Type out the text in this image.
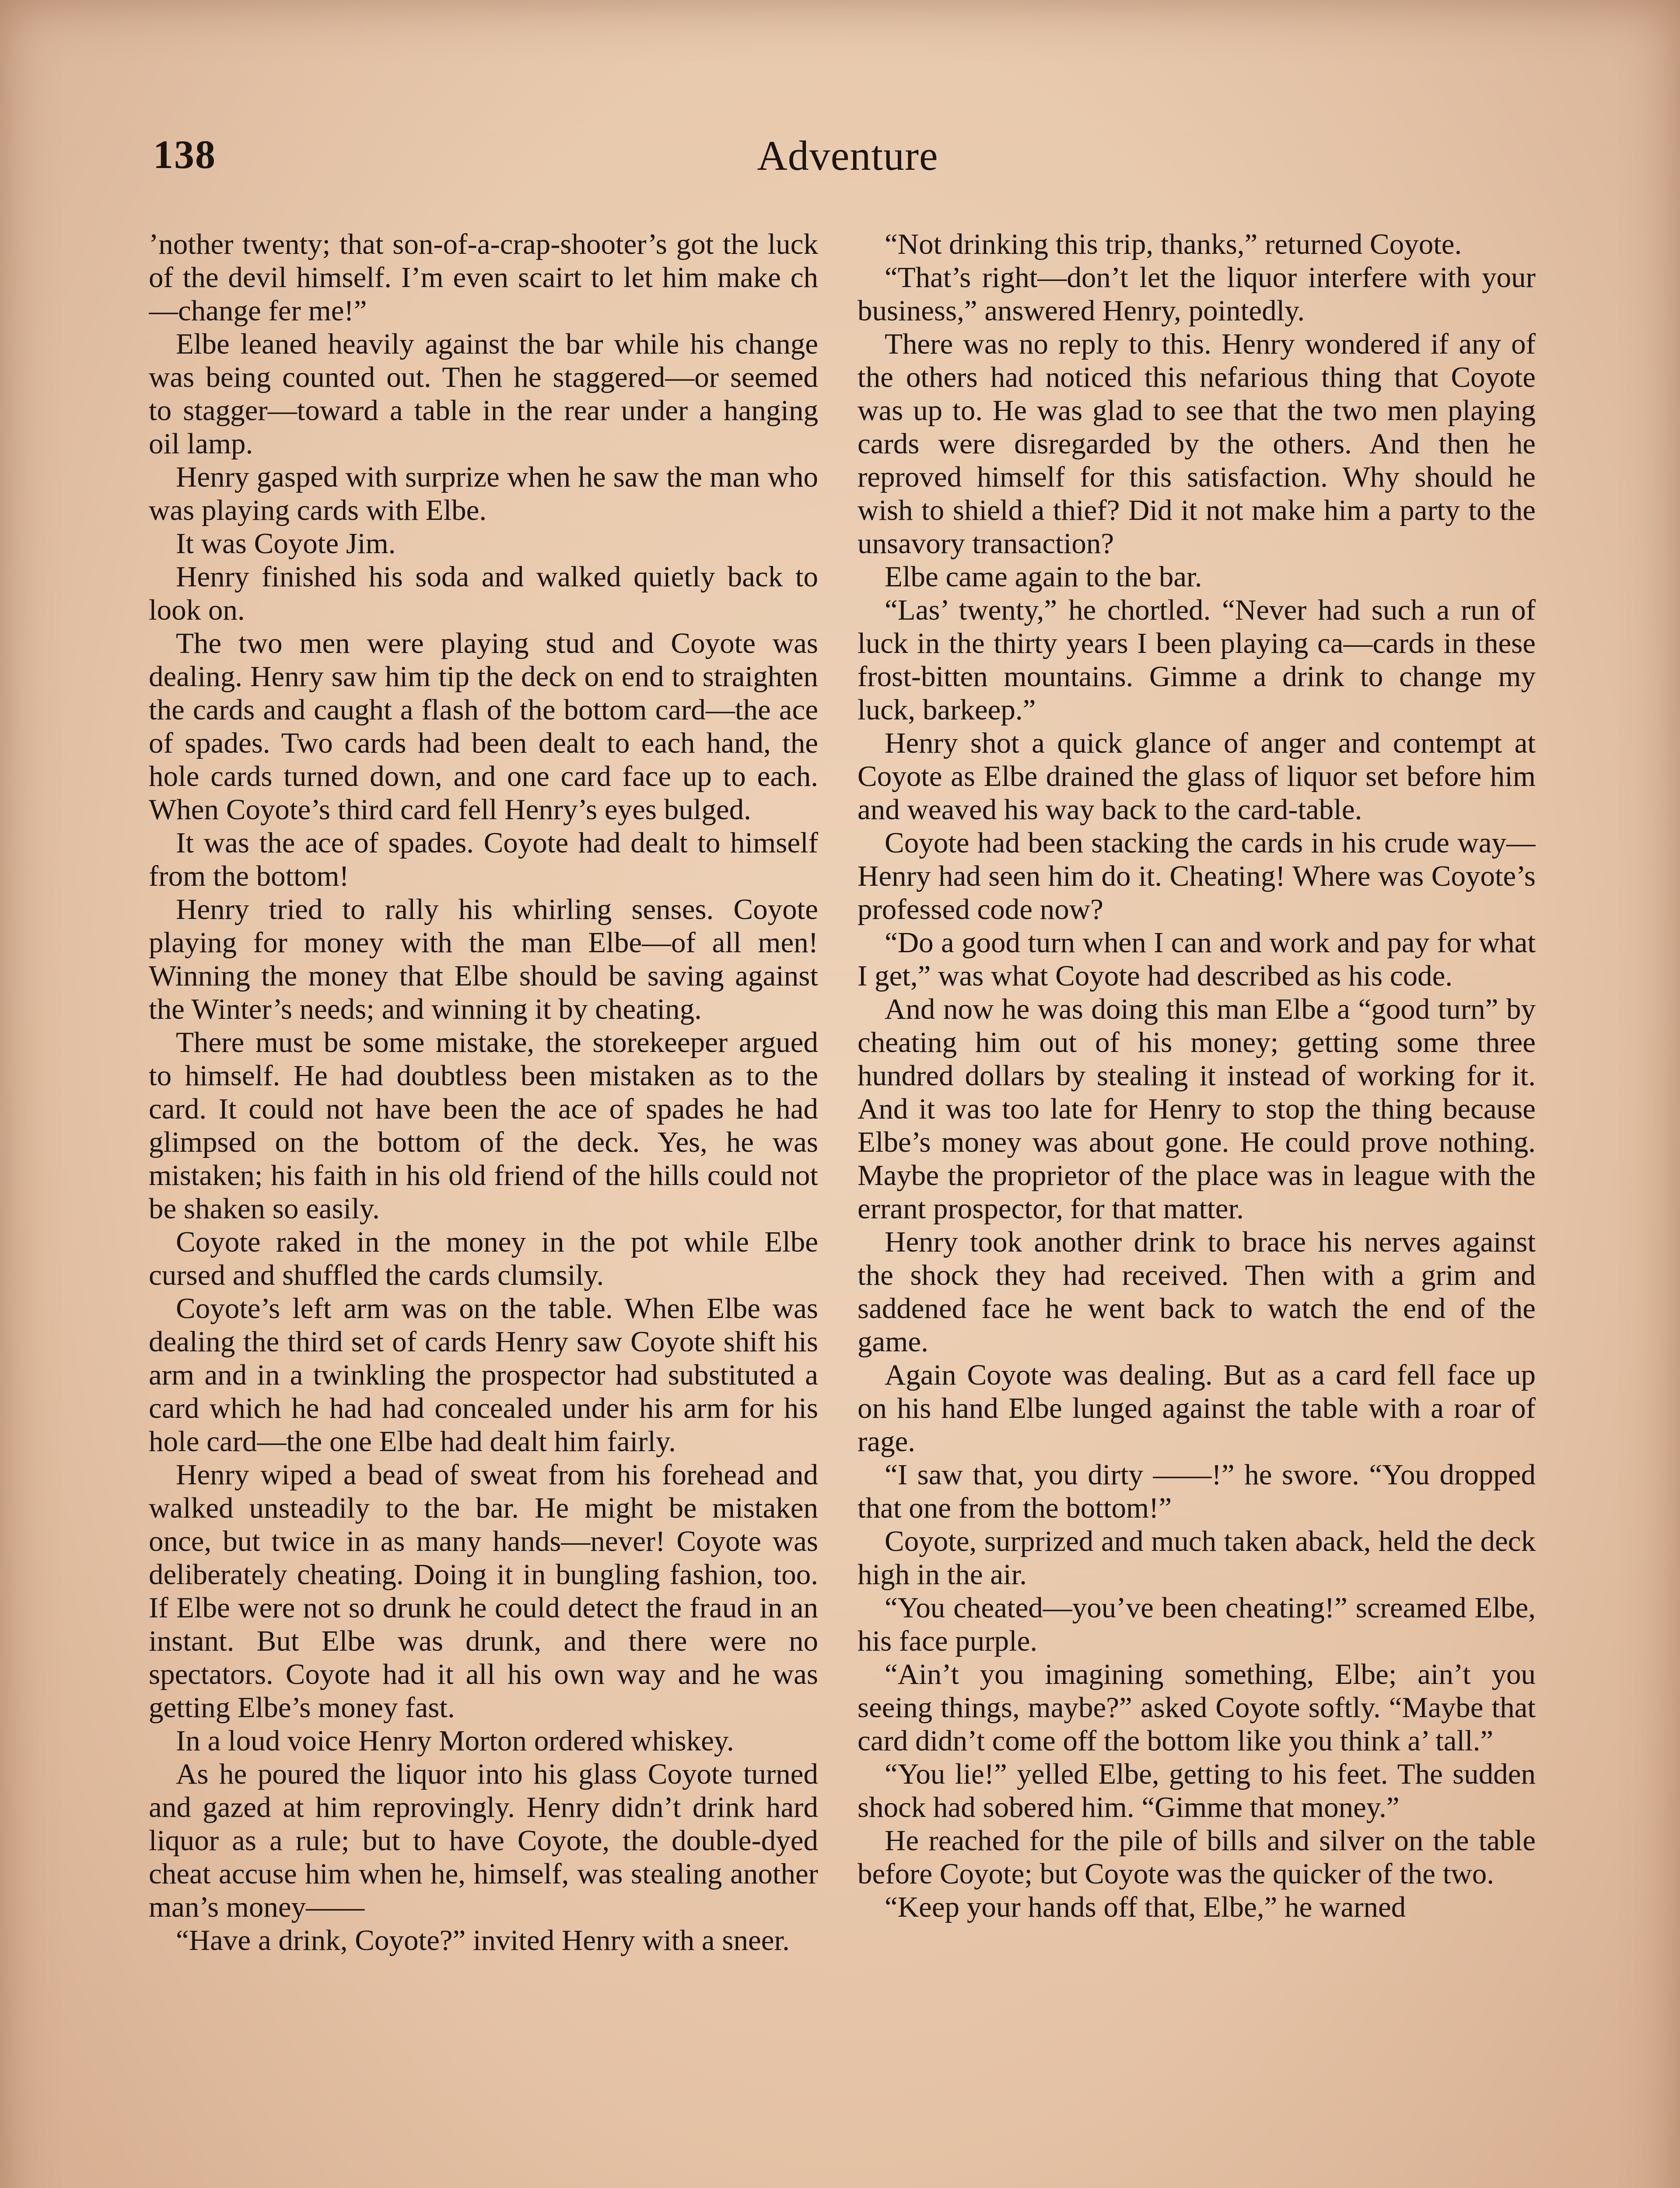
138	Adventure

’nother twenty; that son-of-a-crap-shooter’s got the luck of the devil himself. I’m even scairt to let him make ch—change fer me!”

Elbe leaned heavily against the bar while his change was being counted out. Then he staggered—or seemed to stagger—toward a table in the rear under a hanging oil lamp.

Henry gasped with surprize when he saw the man who was playing cards with Elbe.

It was Coyote Jim.

Henry finished his soda and walked quietly back to look on.

The two men were playing stud and Coyote was dealing. Henry saw him tip the deck on end to straighten the cards and caught a flash of the bottom card—the ace of spades. Two cards had been dealt to each hand, the hole cards turned down, and one card face up to each. When Coyote’s third card fell Henry’s eyes bulged.

It was the ace of spades. Coyote had dealt to himself from the bottom!

Henry tried to rally his whirling senses. Coyote playing for money with the man Elbe—of all men! Winning the money that Elbe should be saving against the Winter’s needs; and winning it by cheating.

There must be some mistake, the storekeeper argued to himself. He had doubtless been mistaken as to the card. It could not have been the ace of spades he had glimpsed on the bottom of the deck. Yes, he was mistaken; his faith in his old friend of the hills could not be shaken so easily.

Coyote raked in the money in the pot while Elbe cursed and shuffled the cards clumsily.

Coyote’s left arm was on the table. When Elbe was dealing the third set of cards Henry saw Coyote shift his arm and in a twinkling the prospector had substituted a card which he had had concealed under his arm for his hole card—the one Elbe had dealt him fairly.

Henry wiped a bead of sweat from his forehead and walked unsteadily to the bar. He might be mistaken once, but twice in as many hands—never! Coyote was deliberately cheating. Doing it in bungling fashion, too. If Elbe were not so drunk he could detect the fraud in an instant. But Elbe was drunk, and there were no spectators. Coyote had it all his own way and he was getting Elbe’s money fast.

In a loud voice Henry Morton ordered whiskey.

As he poured the liquor into his glass Coyote turned and gazed at him reprovingly. Henry didn’t drink hard liquor as a rule; but to have Coyote, the double-dyed cheat accuse him when he, himself, was stealing another man’s money——

“Have a drink, Coyote?” invited Henry with a sneer.

“Not drinking this trip, thanks,” returned Coyote.

“That’s right—don’t let the liquor interfere with your business,” answered Henry, pointedly.

There was no reply to this. Henry wondered if any of the others had noticed this nefarious thing that Coyote was up to. He was glad to see that the two men playing cards were disregarded by the others. And then he reproved himself for this satisfaction. Why should he wish to shield a thief? Did it not make him a party to the unsavory transaction?

Elbe came again to the bar.

“Las’ twenty,” he chortled. “Never had such a run of luck in the thirty years I been playing ca—cards in these frost-bitten mountains. Gimme a drink to change my luck, barkeep.”

Henry shot a quick glance of anger and contempt at Coyote as Elbe drained the glass of liquor set before him and weaved his way back to the card-table.

Coyote had been stacking the cards in his crude way—Henry had seen him do it. Cheating! Where was Coyote’s professed code now?

“Do a good turn when I can and work and pay for what I get,” was what Coyote had described as his code.

And now he was doing this man Elbe a “good turn” by cheating him out of his money; getting some three hundred dollars by stealing it instead of working for it. And it was too late for Henry to stop the thing because Elbe’s money was about gone. He could prove nothing. Maybe the proprietor of the place was in league with the errant prospector, for that matter.

Henry took another drink to brace his nerves against the shock they had received. Then with a grim and saddened face he went back to watch the end of the game.

Again Coyote was dealing. But as a card fell face up on his hand Elbe lunged against the table with a roar of rage.

“I saw that, you dirty ——!” he swore. “You dropped that one from the bottom!”

Coyote, surprized and much taken aback, held the deck high in the air.

“You cheated—you’ve been cheating!” screamed Elbe, his face purple.

“Ain’t you imagining something, Elbe; ain’t you seeing things, maybe?” asked Coyote softly. “Maybe that card didn’t come off the bottom like you think a’ tall.”

“You lie!” yelled Elbe, getting to his feet. The sudden shock had sobered him. “Gimme that money.”

He reached for the pile of bills and silver on the table before Coyote; but Coyote was the quicker of the two.

“Keep your hands off that, Elbe,” he warned
